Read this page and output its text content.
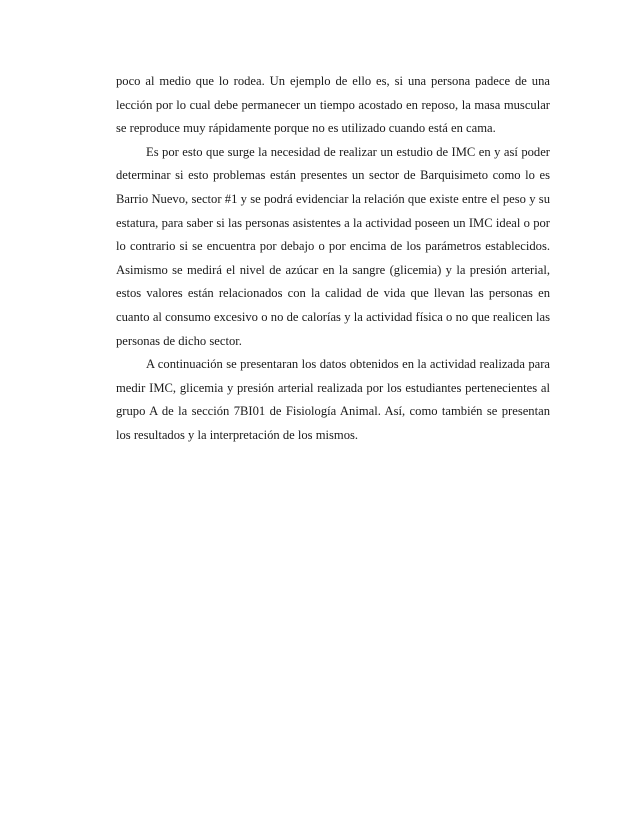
poco al medio que lo rodea. Un ejemplo de ello es, si una persona padece de una
lección por lo cual debe permanecer un tiempo acostado en reposo, la masa muscular
se reproduce muy rápidamente porque no es utilizado cuando está en cama.
Es por esto que surge la necesidad de realizar un estudio de IMC en y así poder
determinar si esto problemas están presentes un sector de Barquisimeto como lo es
Barrio Nuevo, sector #1 y se podrá evidenciar la relación que existe entre el peso y su
estatura, para saber si las personas asistentes a la actividad poseen un IMC ideal o por
lo contrario si se encuentra por debajo o por encima de los parámetros establecidos.
Asimismo se medirá el nivel de azúcar en la sangre (glicemia) y la presión arterial,
estos valores están relacionados con la calidad de vida que llevan las personas en
cuanto al consumo excesivo o no de calorías y la actividad física o no que realicen las
personas de dicho sector.
A continuación se presentaran los datos obtenidos en la actividad realizada para
medir IMC, glicemia y presión arterial realizada por los estudiantes pertenecientes al
grupo A de la sección 7BI01 de Fisiología Animal. Así, como también se presentan
los resultados y la interpretación de los mismos.
